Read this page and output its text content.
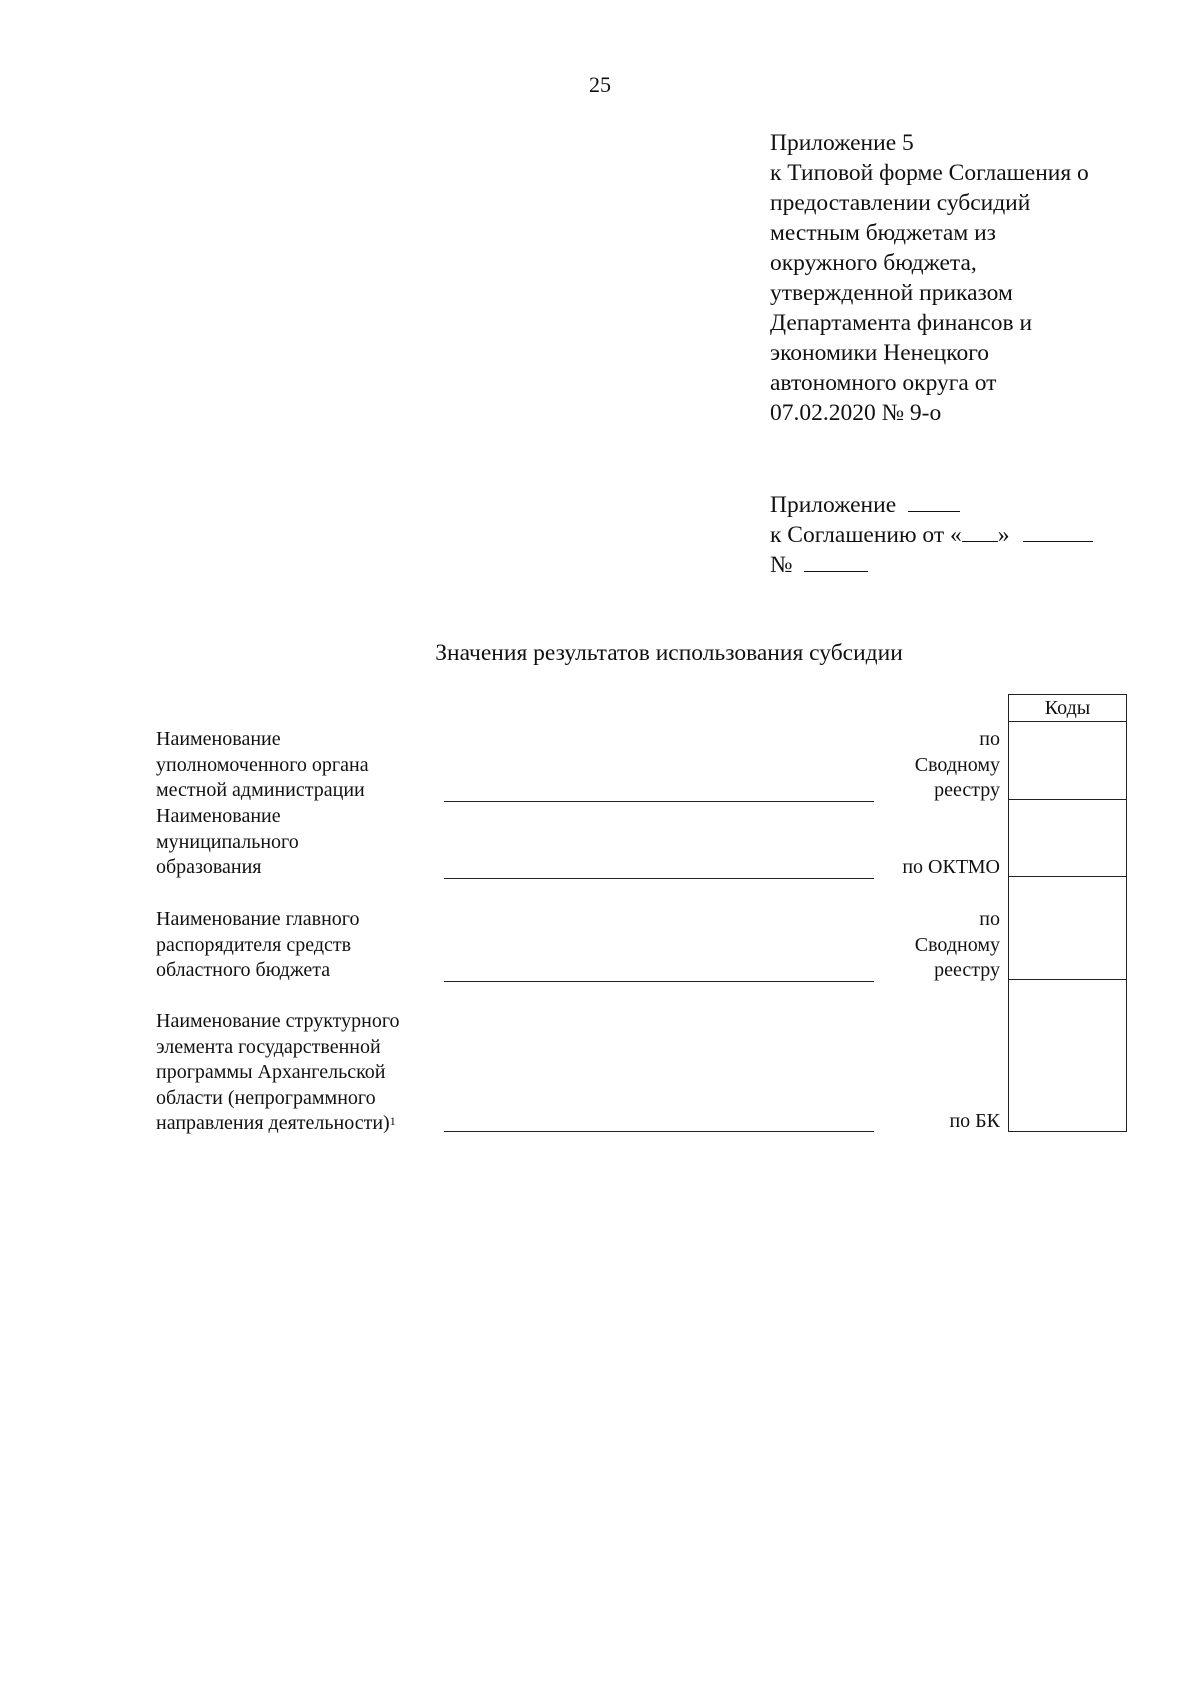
25
Приложение 5
к Типовой форме Соглашения о
предоставлении субсидий
местным бюджетам из
окружного бюджета,
утвержденной приказом
Департамента финансов и
экономики Ненецкого
автономного округа от
07.02.2020 № 9-о
Приложение
к Соглашению от « »
№
Значения результатов использования субсидии
Наименование
уполномоченного органа
местной администрации
по
Сводному
реестру
Наименование
муниципального
образования	по ОКТМО
Наименование главного
распорядителя средств
областного бюджета
по
Сводному
реестру
Наименование структурного
элемента государственной
программы Архангельской
области (непрограммного
направления деятельности)$^1$	по БК
Коды
